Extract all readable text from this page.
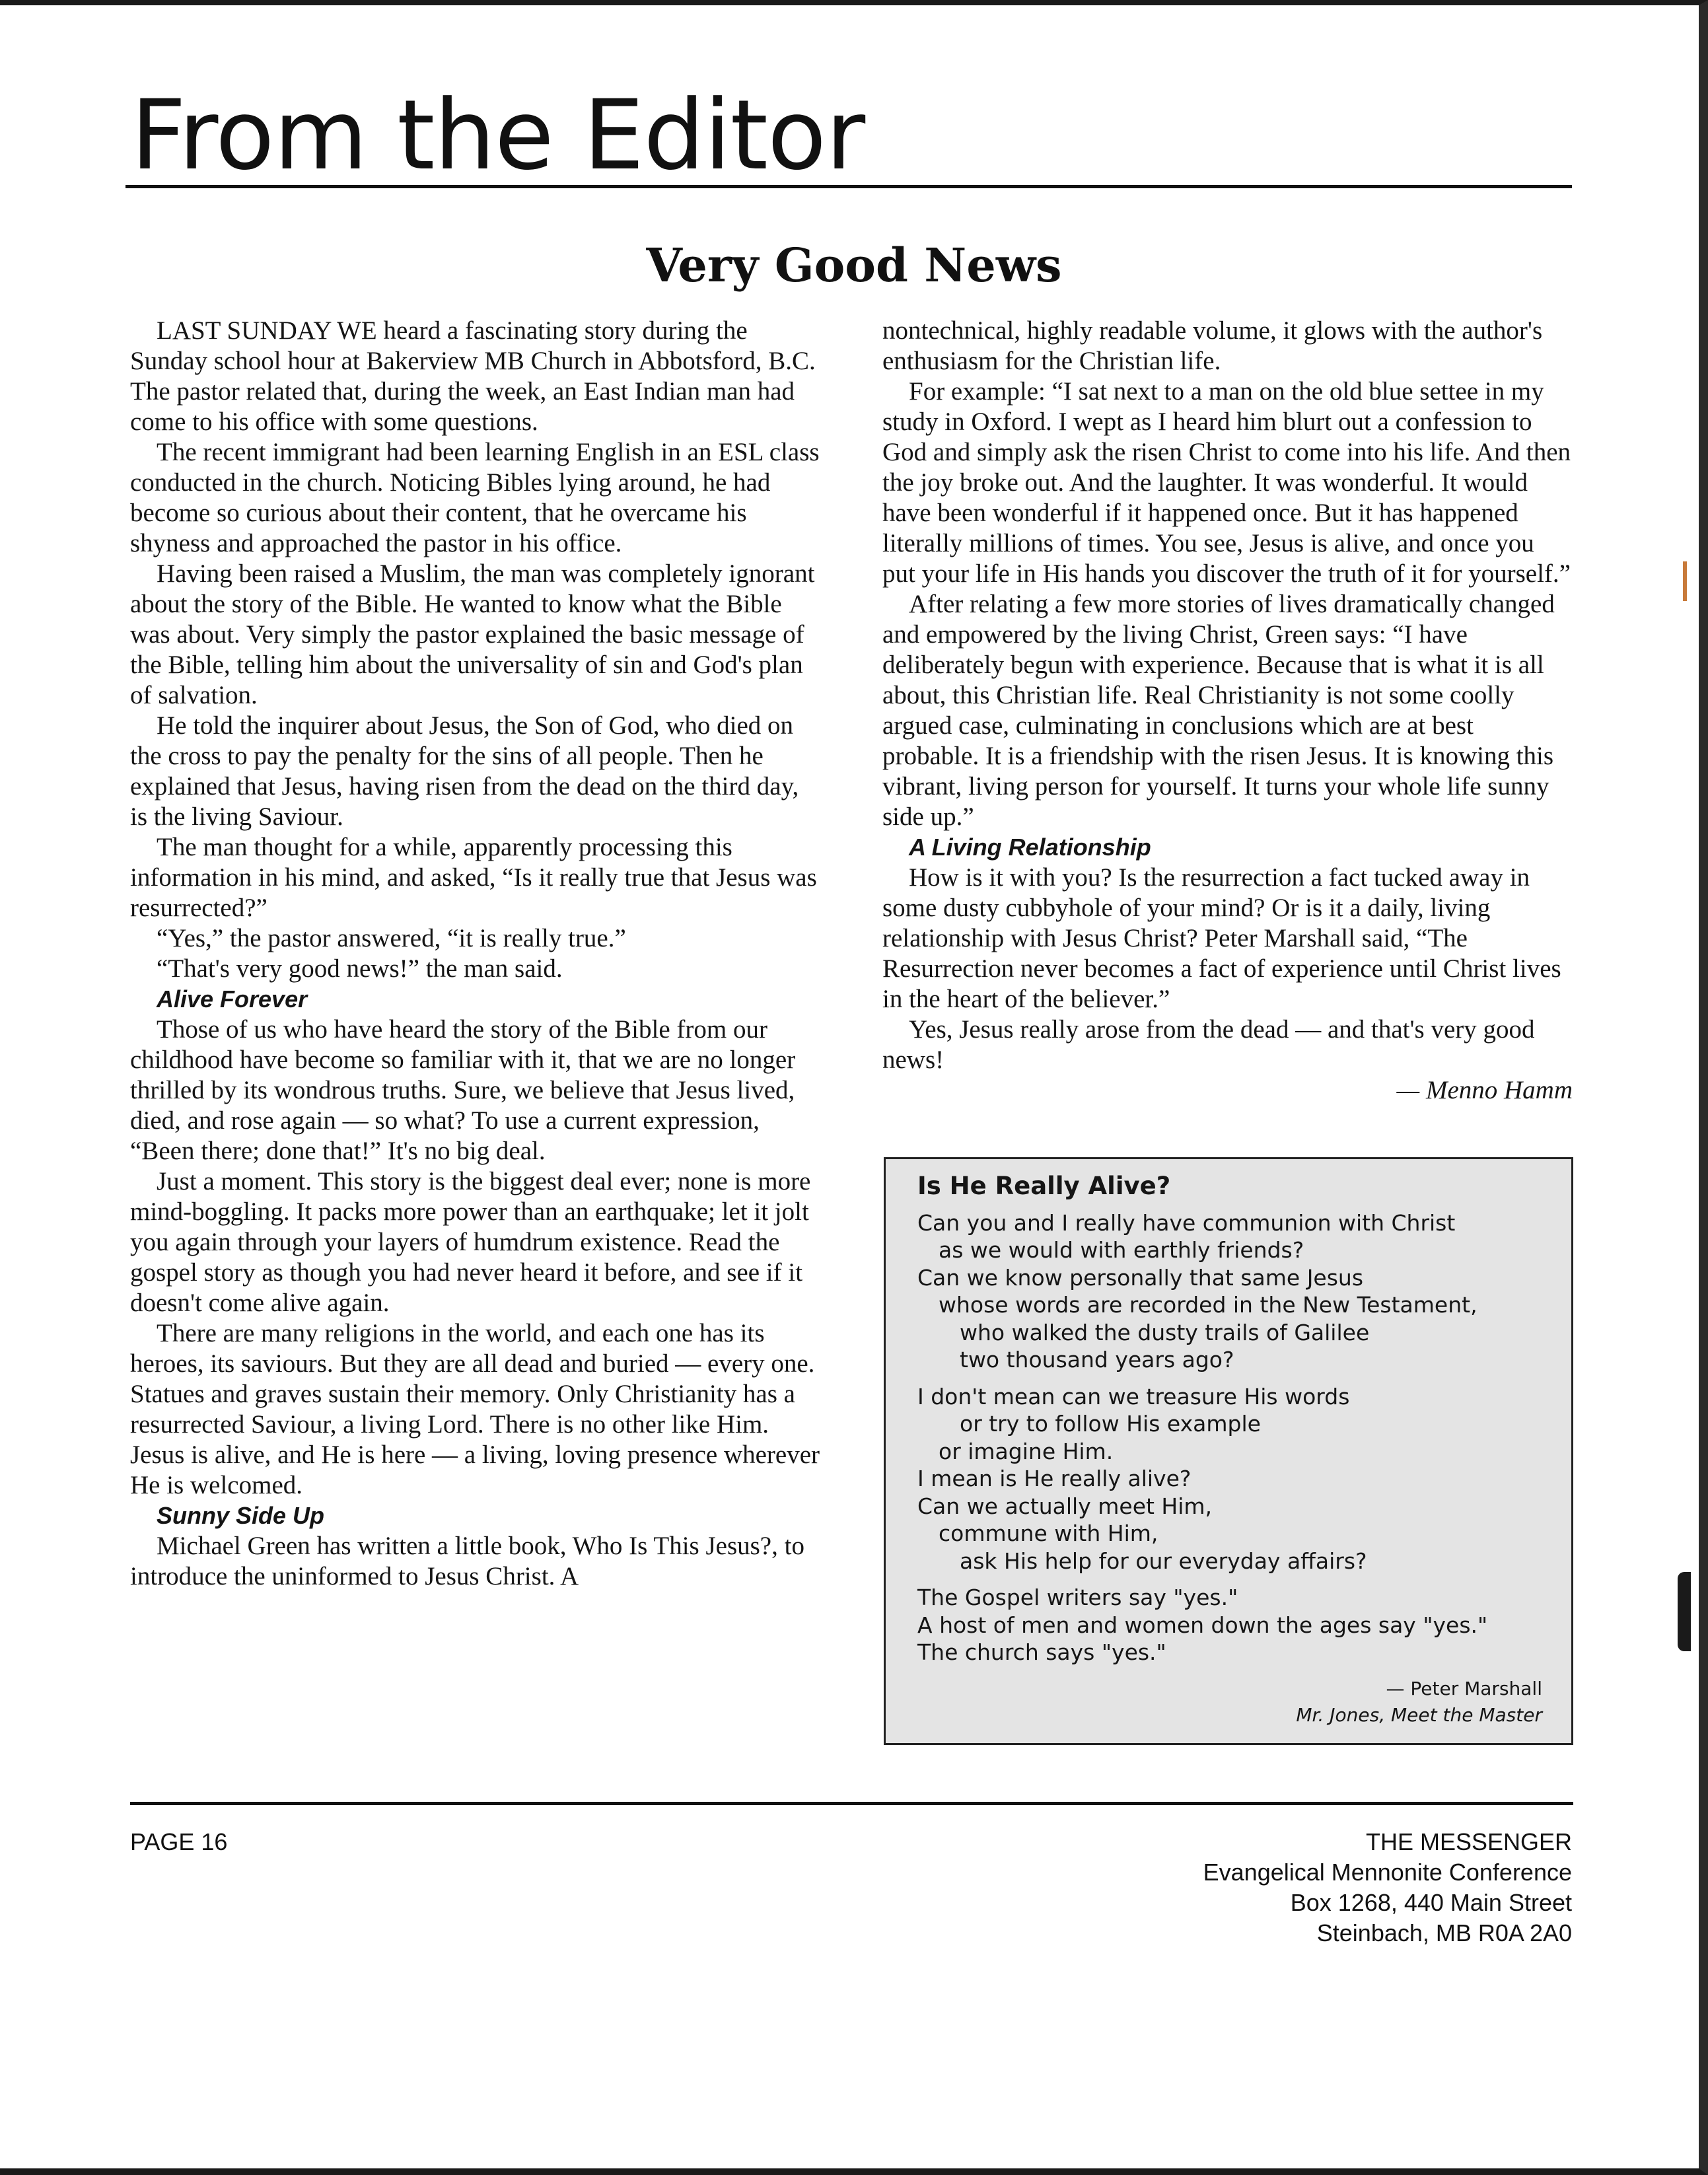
From the Editor
Very Good News

LAST SUNDAY WE heard a fascinating story during the Sunday school hour at Bakerview MB Church in Abbotsford, B.C. The pastor related that, during the week, an East Indian man had come to his office with some questions.

The recent immigrant had been learning English in an ESL class conducted in the church. Noticing Bibles lying around, he had become so curious about their content, that he overcame his shyness and approached the pastor in his office.

Having been raised a Muslim, the man was completely ignorant about the story of the Bible. He wanted to know what the Bible was about. Very simply the pastor explained the basic message of the Bible, telling him about the universality of sin and God's plan of salvation.

He told the inquirer about Jesus, the Son of God, who died on the cross to pay the penalty for the sins of all people. Then he explained that Jesus, having risen from the dead on the third day, is the living Saviour.

The man thought for a while, apparently processing this information in his mind, and asked, “Is it really true that Jesus was resurrected?”

“Yes,” the pastor answered, “it is really true.”

“That's very good news!” the man said.

Alive Forever

Those of us who have heard the story of the Bible from our childhood have become so familiar with it, that we are no longer thrilled by its wondrous truths. Sure, we believe that Jesus lived, died, and rose again — so what? To use a current expression, “Been there; done that!” It's no big deal.

Just a moment. This story is the biggest deal ever; none is more mind-boggling. It packs more power than an earthquake; let it jolt you again through your layers of humdrum existence. Read the gospel story as though you had never heard it before, and see if it doesn't come alive again.

There are many religions in the world, and each one has its heroes, its saviours. But they are all dead and buried — every one. Statues and graves sustain their memory. Only Christianity has a resurrected Saviour, a living Lord. There is no other like Him. Jesus is alive, and He is here — a living, loving presence wherever He is welcomed.

Sunny Side Up

Michael Green has written a little book, Who Is This Jesus?, to introduce the uninformed to Jesus Christ. A

nontechnical, highly readable volume, it glows with the author's enthusiasm for the Christian life.

For example: “I sat next to a man on the old blue settee in my study in Oxford. I wept as I heard him blurt out a confession to God and simply ask the risen Christ to come into his life. And then the joy broke out. And the laughter. It was wonderful. It would have been wonderful if it happened once. But it has happened literally millions of times. You see, Jesus is alive, and once you put your life in His hands you discover the truth of it for yourself.”

After relating a few more stories of lives dramatically changed and empowered by the living Christ, Green says: “I have deliberately begun with experience. Because that is what it is all about, this Christian life. Real Christianity is not some coolly argued case, culminating in conclusions which are at best probable. It is a friendship with the risen Jesus. It is knowing this vibrant, living person for yourself. It turns your whole life sunny side up.”

A Living Relationship

How is it with you? Is the resurrection a fact tucked away in some dusty cubbyhole of your mind? Or is it a daily, living relationship with Jesus Christ? Peter Marshall said, “The Resurrection never becomes a fact of experience until Christ lives in the heart of the believer.”

Yes, Jesus really arose from the dead — and that's very good news!

— Menno Hamm

Is He Really Alive?
Can you and I really have communion with Christ
as we would with earthly friends?
Can we know personally that same Jesus
whose words are recorded in the New Testament,
who walked the dusty trails of Galilee
two thousand years ago?
I don't mean can we treasure His words
or try to follow His example
or imagine Him.
I mean is He really alive?
Can we actually meet Him,
commune with Him,
ask His help for our everyday affairs?
The Gospel writers say "yes."
A host of men and women down the ages say "yes."
The church says "yes."
— Peter Marshall
Mr. Jones, Meet the Master
PAGE 16	THE MESSENGER
Evangelical Mennonite Conference
Box 1268, 440 Main Street
Steinbach, MB R0A 2A0
